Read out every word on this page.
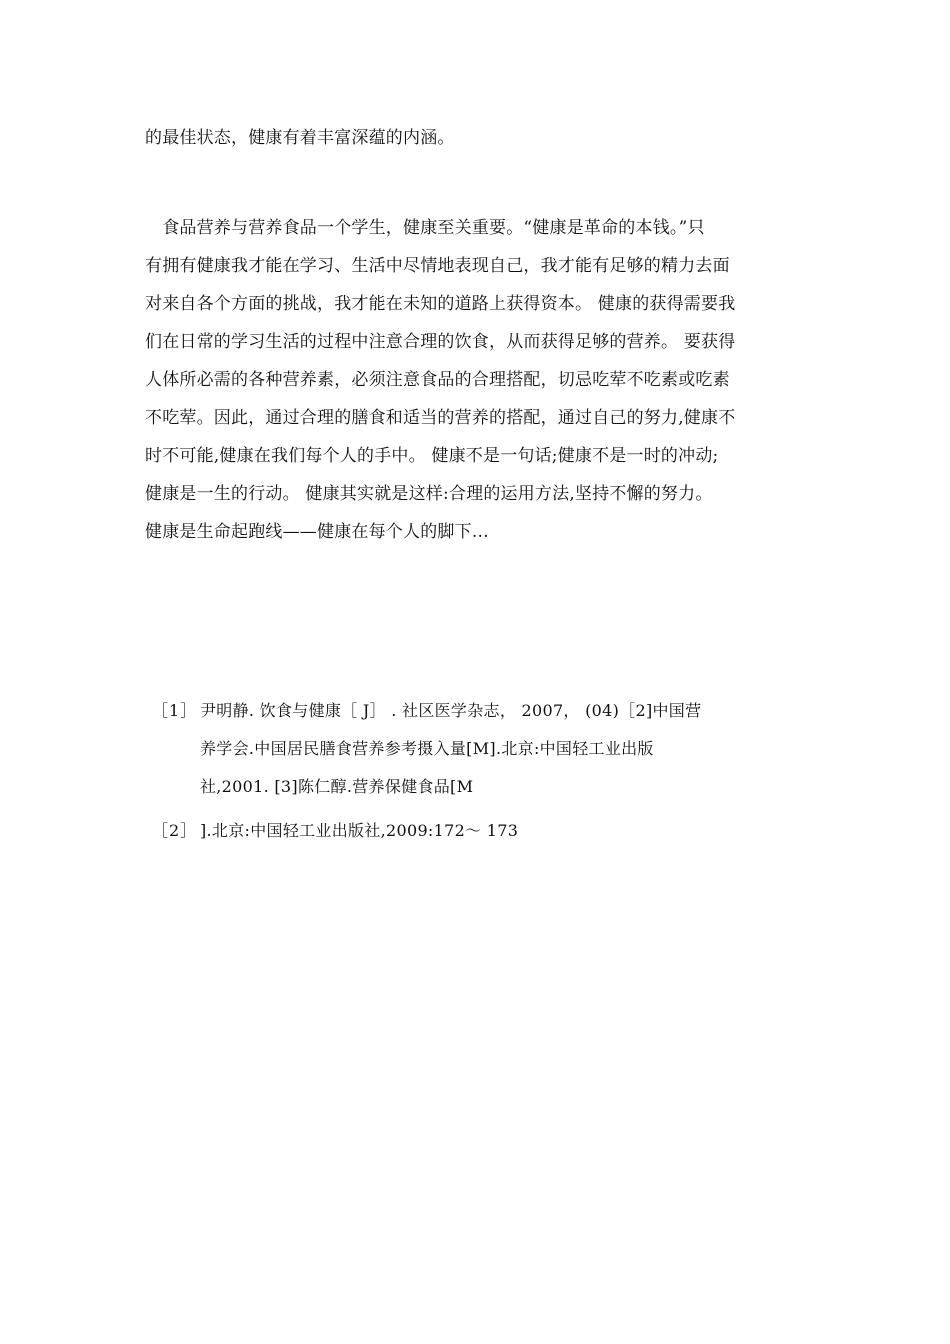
的最佳状态，健康有着丰富深蕴的内涵。
　食品营养与营养食品一个学生，健康至关重要。“健康是革命的本钱。”只
有拥有健康我才能在学习、生活中尽情地表现自己，我才能有足够的精力去面
对来自各个方面的挑战，我才能在未知的道路上获得资本。 健康的获得需要我
们在日常的学习生活的过程中注意合理的饮食，从而获得足够的营养。 要获得
人体所必需的各种营养素，必须注意食品的合理搭配，切忌吃荤不吃素或吃素
不吃荤。因此，通过合理的膳食和适当的营养的搭配，通过自己的努力,健康不
时不可能,健康在我们每个人的手中。 健康不是一句话;健康不是一时的冲动;
健康是一生的行动。 健康其实就是这样:合理的运用方法,坚持不懈的努力。
健康是生命起跑线——健康在每个人的脚下…
［1］ 尹明静. 饮食与健康［ J］ . 社区医学杂志， 2007， (04)［2]中国营
养学会.中国居民膳食营养参考摄入量[M].北京:中国轻工业出版
社,2001. [3]陈仁醇.营养保健食品[M
［2］ ].北京:中国轻工业出版社,2009:172～ 173
